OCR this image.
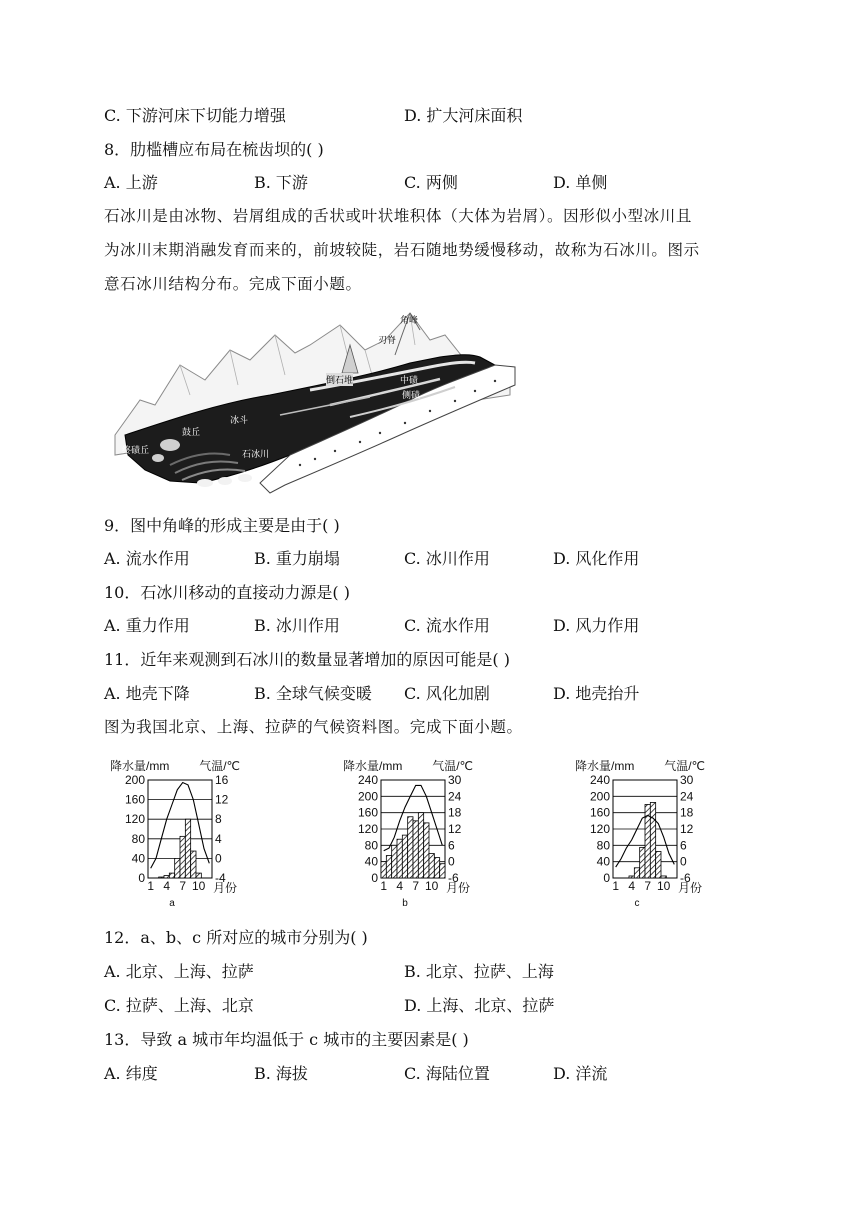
C. 下游河床下切能力增强	D. 扩大河床面积
8．肋槛槽应布局在梳齿坝的( )
A. 上游	B. 下游	C. 两侧	D. 单侧
石冰川是由冰物、岩屑组成的舌状或叶状堆积体（大体为岩屑）。因形似小型冰川且
为冰川末期消融发育而来的，前坡较陡，岩石随地势缓慢移动，故称为石冰川。图示
意石冰川结构分布。完成下面小题。
角峰
刃脊
倒石堆	中碛
侧碛
冰斗
鼓丘
终碛丘	石冰川
9．图中角峰的形成主要是由于( )
A. 流水作用	B. 重力崩塌	C. 冰川作用	D. 风化作用
10．石冰川移动的直接动力源是( )
A. 重力作用	B. 冰川作用	C. 流水作用	D. 风力作用
11．近年来观测到石冰川的数量显著增加的原因可能是( )
A. 地壳下降	B. 全球气候变暖 C. 风化加剧	D. 地壳抬升
图为我国北京、上海、拉萨的气候资料图。完成下面小题。
降水量/mm 气温/℃
200
160
120
80
40
0
16
12
8
4
0
-4
1 4 7 10 月份
a
降水量/mm 气温/℃
240
200
160
120
80
40
0
30
24
18
12
6
0
-6
1 4 7 10 月份
b
降水量/mm 气温/℃
240
200
160
120
80
40
0
30
24
18
12
6
0
-6
1 4 7 10 月份
c
12．a、b、c 所对应的城市分别为( )
A. 北京、上海、拉萨	B. 北京、拉萨、上海
C. 拉萨、上海、北京	D. 上海、北京、拉萨
13．导致 a 城市年均温低于 c 城市的主要因素是( )
A. 纬度	B. 海拔	C. 海陆位置	D. 洋流
